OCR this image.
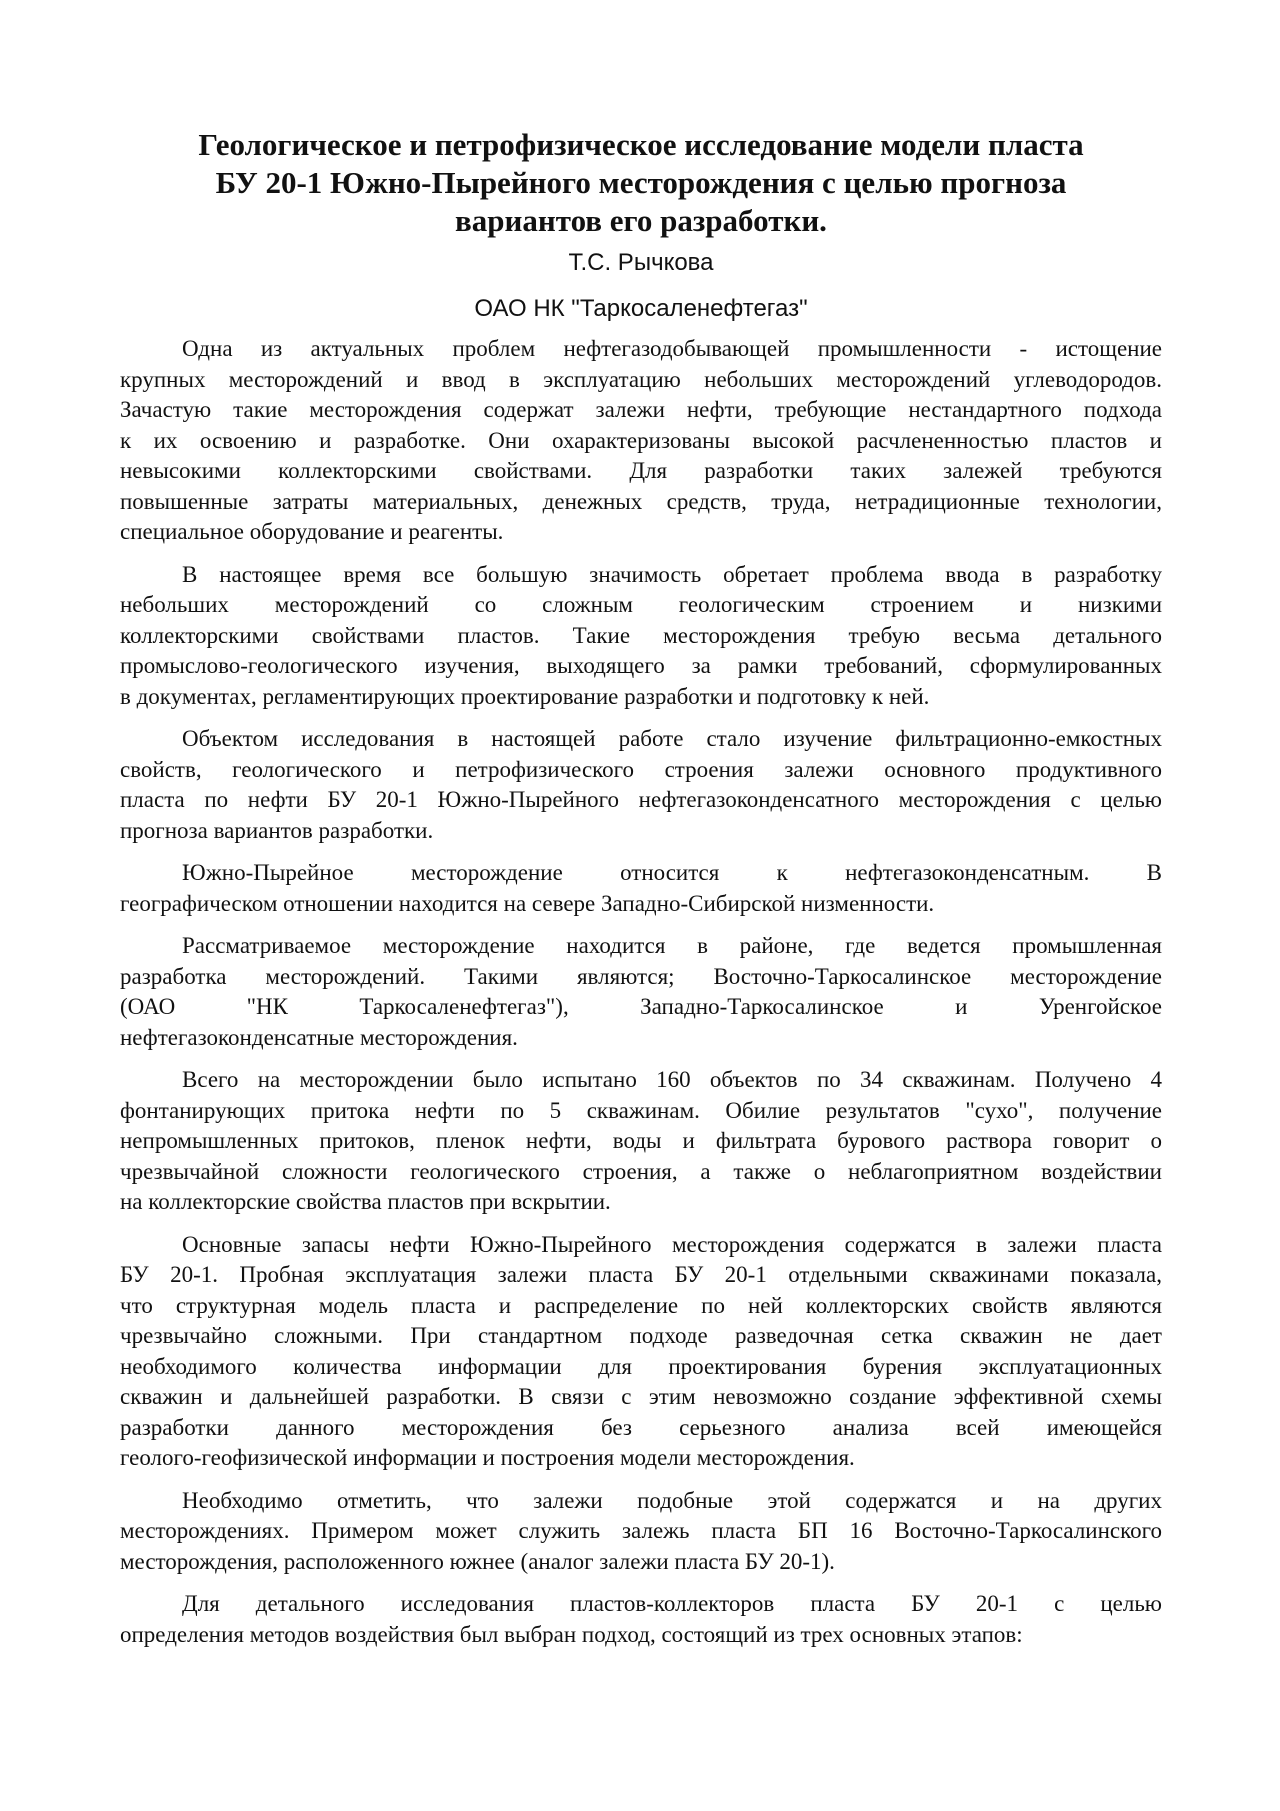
Геологическое и петрофизическое исследование модели пласта
БУ 20-1 Южно-Пырейного месторождения с целью прогноза
вариантов его разработки.
Т.С. Рычкова
ОАО НК "Таркосаленефтегаз"

Одна из актуальных проблем нефтегазодобывающей промышленности - истощение
крупных месторождений и ввод в эксплуатацию небольших месторождений углеводородов.
Зачастую такие месторождения содержат залежи нефти, требующие нестандартного подхода
к их освоению и разработке. Они охарактеризованы высокой расчлененностью пластов и
невысокими коллекторскими свойствами. Для разработки таких залежей требуются
повышенные затраты материальных, денежных средств, труда, нетрадиционные технологии,
специальное оборудование и реагенты.

В настоящее время все большую значимость обретает проблема ввода в разработку
небольших месторождений со сложным геологическим строением и низкими
коллекторскими свойствами пластов. Такие месторождения требую весьма детального
промыслово-геологического изучения, выходящего за рамки требований, сформулированных
в документах, регламентирующих проектирование разработки и подготовку к ней.

Объектом исследования в настоящей работе стало изучение фильтрационно-емкостных
свойств, геологического и петрофизического строения залежи основного продуктивного
пласта по нефти БУ 20-1 Южно-Пырейного нефтегазоконденсатного месторождения с целью
прогноза вариантов разработки.

Южно-Пырейное месторождение относится к нефтегазоконденсатным. В
географическом отношении находится на севере Западно-Сибирской низменности.

Рассматриваемое месторождение находится в районе, где ведется промышленная
разработка месторождений. Такими являются; Восточно-Таркосалинское месторождение
(ОАО "НК Таркосаленефтегаз"), Западно-Таркосалинское и Уренгойское
нефтегазоконденсатные месторождения.

Всего на месторождении было испытано 160 объектов по 34 скважинам. Получено 4
фонтанирующих притока нефти по 5 скважинам. Обилие результатов "сухо", получение
непромышленных притоков, пленок нефти, воды и фильтрата бурового раствора говорит о
чрезвычайной сложности геологического строения, а также о неблагоприятном воздействии
на коллекторские свойства пластов при вскрытии.

Основные запасы нефти Южно-Пырейного месторождения содержатся в залежи пласта
БУ 20-1. Пробная эксплуатация залежи пласта БУ 20-1 отдельными скважинами показала,
что структурная модель пласта и распределение по ней коллекторских свойств являются
чрезвычайно сложными. При стандартном подходе разведочная сетка скважин не дает
необходимого количества информации для проектирования бурения эксплуатационных
скважин и дальнейшей разработки. В связи с этим невозможно создание эффективной схемы
разработки данного месторождения без серьезного анализа всей имеющейся
геолого-геофизической информации и построения модели месторождения.

Необходимо отметить, что залежи подобные этой содержатся и на других
месторождениях. Примером может служить залежь пласта БП 16 Восточно-Таркосалинского
месторождения, расположенного южнее (аналог залежи пласта БУ 20-1).

Для детального исследования пластов-коллекторов пласта БУ 20-1 с целью
определения методов воздействия был выбран подход, состоящий из трех основных этапов:
